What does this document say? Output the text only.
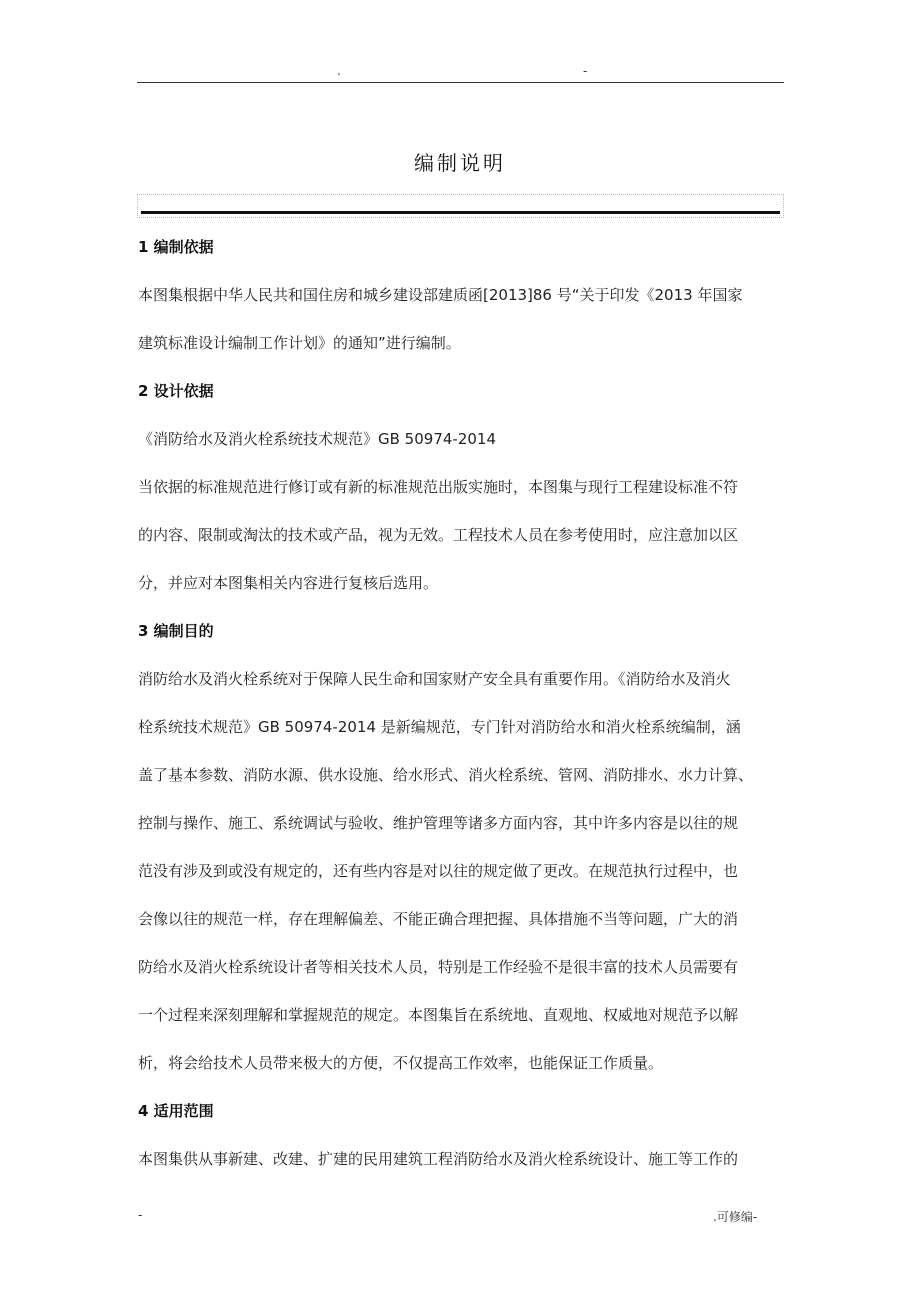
.	-
编制说明
1 编制依据
本图集根据中华人民共和国住房和城乡建设部建质函[2013]86 号“关于印发《2013 年国家
建筑标准设计编制工作计划》的通知”进行编制。
2 设计依据
《消防给水及消火栓系统技术规范》GB 50974-2014
当依据的标准规范进行修订或有新的标准规范出版实施时，本图集与现行工程建设标准不符
的内容、限制或淘汰的技术或产品，视为无效。工程技术人员在参考使用时，应注意加以区
分，并应对本图集相关内容进行复核后选用。
3 编制目的
消防给水及消火栓系统对于保障人民生命和国家财产安全具有重要作用。《消防给水及消火
栓系统技术规范》GB 50974-2014 是新编规范，专门针对消防给水和消火栓系统编制，涵
盖了基本参数、消防水源、供水设施、给水形式、消火栓系统、管网、消防排水、水力计算、
控制与操作、施工、系统调试与验收、维护管理等诸多方面内容，其中许多内容是以往的规
范没有涉及到或没有规定的，还有些内容是对以往的规定做了更改。在规范执行过程中，也
会像以往的规范一样，存在理解偏差、不能正确合理把握、具体措施不当等问题，广大的消
防给水及消火栓系统设计者等相关技术人员，特别是工作经验不是很丰富的技术人员需要有
一个过程来深刻理解和掌握规范的规定。本图集旨在系统地、直观地、权威地对规范予以解
析，将会给技术人员带来极大的方便，不仅提高工作效率，也能保证工作质量。
4 适用范围
本图集供从事新建、改建、扩建的民用建筑工程消防给水及消火栓系统设计、施工等工作的
-	.可修编-
